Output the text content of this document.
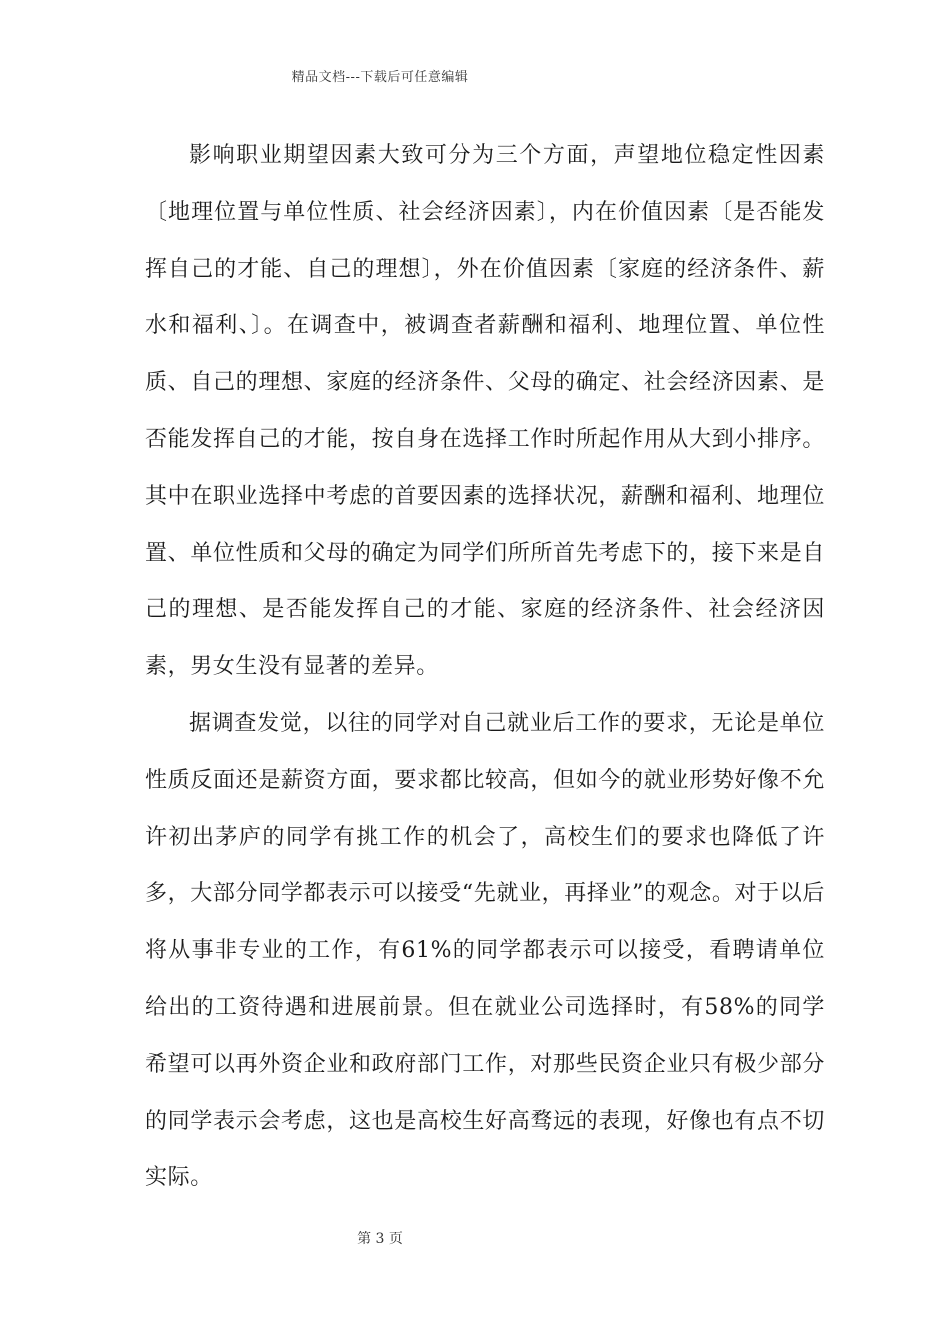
精品文档---下载后可任意编辑

影响职业期望因素大致可分为三个方面，声望地位稳定性因素〔地理位置与单位性质、社会经济因素〕，内在价值因素〔是否能发挥自己的才能、自己的理想〕，外在价值因素〔家庭的经济条件、薪水和福利、〕。在调查中，被调查者薪酬和福利、地理位置、单位性质、自己的理想、家庭的经济条件、父母的确定、社会经济因素、是否能发挥自己的才能，按自身在选择工作时所起作用从大到小排序。其中在职业选择中考虑的首要因素的选择状况，薪酬和福利、地理位置、单位性质和父母的确定为同学们所所首先考虑下的，接下来是自己的理想、是否能发挥自己的才能、家庭的经济条件、社会经济因素，男女生没有显著的差异。

据调查发觉，以往的同学对自己就业后工作的要求，无论是单位性质反面还是薪资方面，要求都比较高，但如今的就业形势好像不允许初出茅庐的同学有挑工作的机会了，高校生们的要求也降低了许多，大部分同学都表示可以接受“先就业，再择业”的观念。对于以后将从事非专业的工作，有61%的同学都表示可以接受，看聘请单位给出的工资待遇和进展前景。但在就业公司选择时，有58%的同学希望可以再外资企业和政府部门工作，对那些民资企业只有极少部分的同学表示会考虑，这也是高校生好高骛远的表现，好像也有点不切实际。

第 3 页
